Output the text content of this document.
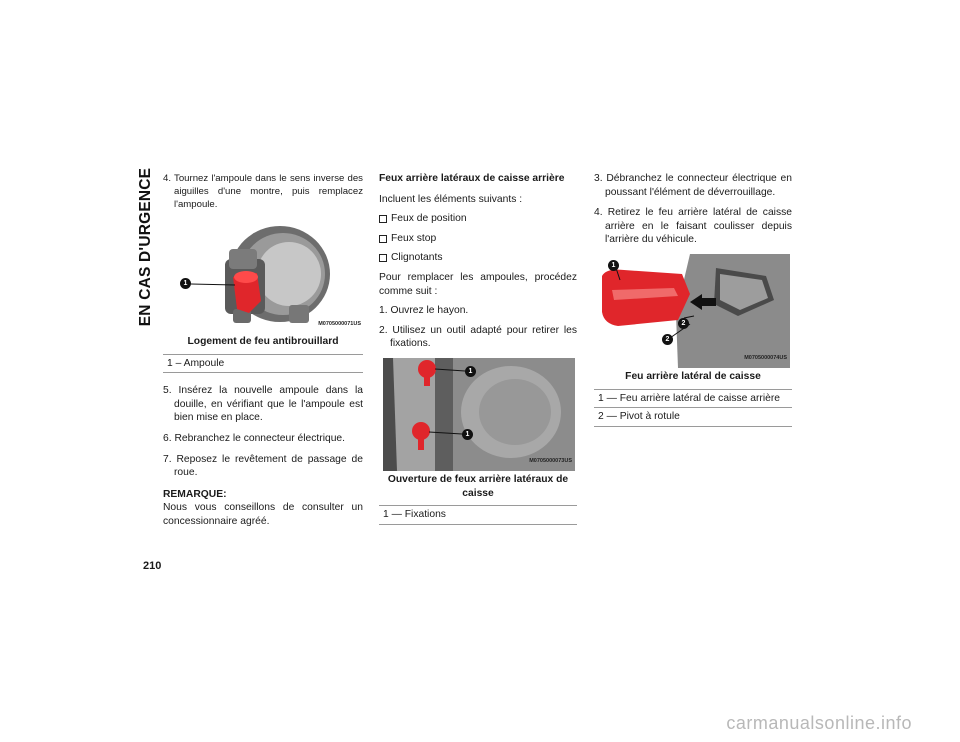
EN CAS D'URGENCE
210

4. Tournez l'ampoule dans le sens inverse des aiguilles d'une montre, puis remplacez l'ampoule.

1
M0705000071US

Logement de feu antibrouillard

1 – Ampoule

5. Insérez la nouvelle ampoule dans la douille, en vérifiant que le l'ampoule est bien mise en place.

6. Rebranchez le connecteur électrique.

7. Reposez le revêtement de passage de roue.

REMARQUE:

Nous vous conseillons de consulter un concessionnaire agréé.

Feux arrière latéraux de caisse arrière

Incluent les éléments suivants :

Feux de position

Feux stop

Clignotants

Pour remplacer les ampoules, procédez comme suit :

1. Ouvrez le hayon.

2. Utilisez un outil adapté pour retirer les fixations.

1
1
M0705000073US

Ouverture de feux arrière latéraux de caisse

1 — Fixations

3. Débranchez le connecteur électrique en poussant l'élément de déverrouillage.

4. Retirez le feu arrière latéral de caisse arrière en le faisant coulisser depuis l'arrière du véhicule.

1
2
2
M0705000074US

Feu arrière latéral de caisse

1 — Feu arrière latéral de caisse arrière
2 — Pivot à rotule
carmanualsonline.info
